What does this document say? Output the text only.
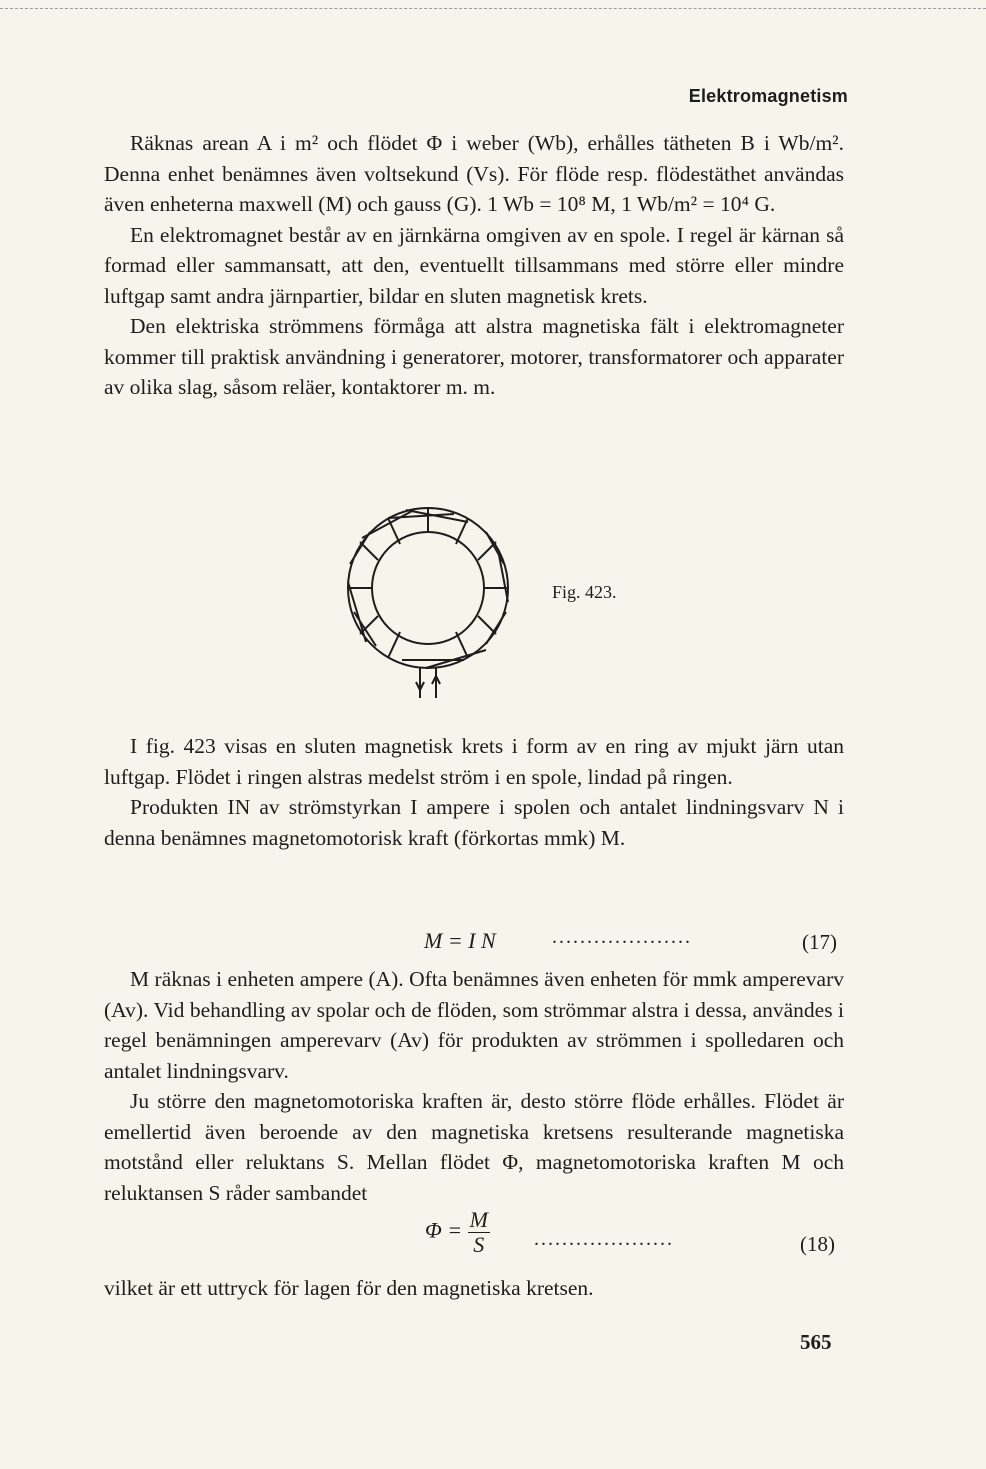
Elektromagnetism

Räknas arean A i m² och flödet Φ i weber (Wb), erhålles tätheten B i Wb/m². Denna enhet benämnes även voltsekund (Vs). För flöde resp. flödestäthet användas även enheterna maxwell (M) och gauss (G). 1 Wb = 10⁸ M, 1 Wb/m² = 10⁴ G.

En elektromagnet består av en järnkärna omgiven av en spole. I regel är kärnan så formad eller sammansatt, att den, eventuellt tillsammans med större eller mindre luftgap samt andra järnpartier, bildar en sluten magnetisk krets.

Den elektriska strömmens förmåga att alstra magnetiska fält i elektromagneter kommer till praktisk användning i generatorer, motorer, transformatorer och apparater av olika slag, såsom reläer, kontaktorer m. m.

Fig. 423.

I fig. 423 visas en sluten magnetisk krets i form av en ring av mjukt järn utan luftgap. Flödet i ringen alstras medelst ström i en spole, lindad på ringen.

Produkten IN av strömstyrkan I ampere i spolen och antalet lindningsvarv N i denna benämnes magnetomotorisk kraft (förkortas mmk) M.

M = I N	....................	(17)

M räknas i enheten ampere (A). Ofta benämnes även enheten för mmk amperevarv (Av). Vid behandling av spolar och de flöden, som strömmar alstra i dessa, användes i regel benämningen amperevarv (Av) för produkten av strömmen i spolledaren och antalet lindningsvarv.

Ju större den magnetomotoriska kraften är, desto större flöde erhålles. Flödet är emellertid även beroende av den magnetiska kretsens resulterande magnetiska motstånd eller reluktans S. Mellan flödet Φ, magnetomotoriska kraften M och reluktansen S råder sambandet

$\Phi = \frac{M}{S}$ ....................	(18)
vilket är ett uttryck för lagen för den magnetiska kretsen.
565
